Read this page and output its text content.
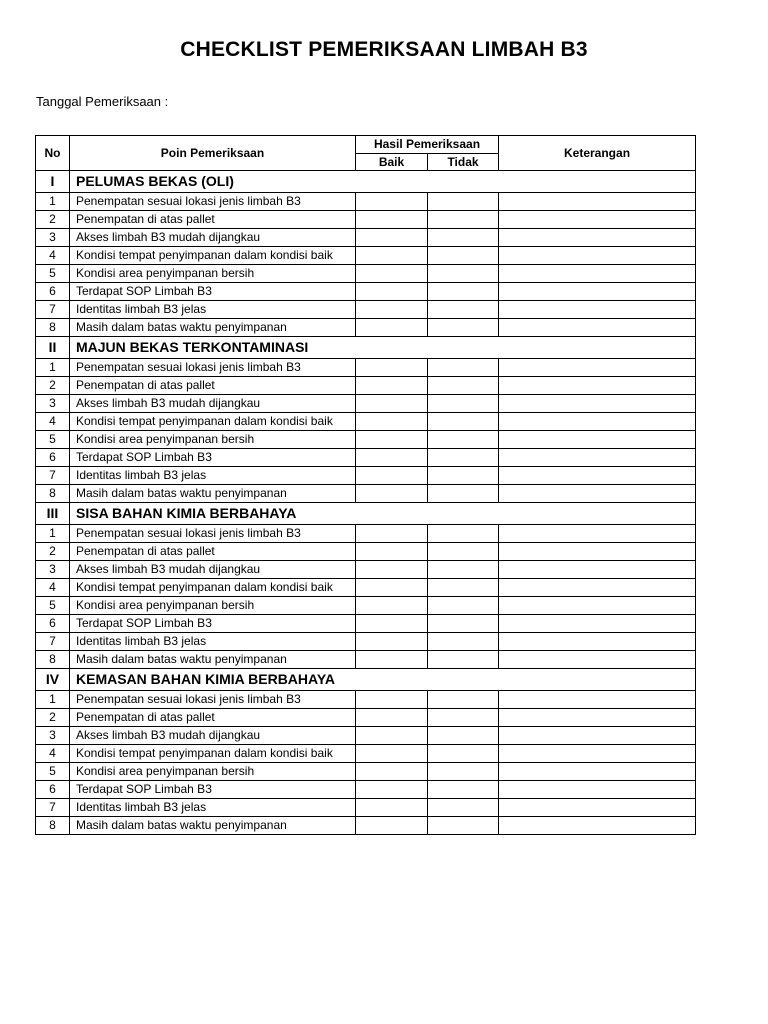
CHECKLIST PEMERIKSAAN LIMBAH B3
Tanggal Pemeriksaan :
No	Poin Pemeriksaan	Hasil Pemeriksaan		Keterangan
		Baik	Tidak	
I	PELUMAS BEKAS (OLI)			
1	Penempatan sesuai lokasi jenis limbah B3			
2	Penempatan di atas pallet			
3	Akses limbah B3 mudah dijangkau			
4	Kondisi tempat penyimpanan dalam kondisi baik			
5	Kondisi area penyimpanan bersih			
6	Terdapat SOP Limbah B3			
7	Identitas limbah B3 jelas			
8	Masih dalam batas waktu penyimpanan			
II	MAJUN BEKAS TERKONTAMINASI			
1	Penempatan sesuai lokasi jenis limbah B3			
2	Penempatan di atas pallet			
3	Akses limbah B3 mudah dijangkau			
4	Kondisi tempat penyimpanan dalam kondisi baik			
5	Kondisi area penyimpanan bersih			
6	Terdapat SOP Limbah B3			
7	Identitas limbah B3 jelas			
8	Masih dalam batas waktu penyimpanan			
III	SISA BAHAN KIMIA BERBAHAYA			
1	Penempatan sesuai lokasi jenis limbah B3			
2	Penempatan di atas pallet			
3	Akses limbah B3 mudah dijangkau			
4	Kondisi tempat penyimpanan dalam kondisi baik			
5	Kondisi area penyimpanan bersih			
6	Terdapat SOP Limbah B3			
7	Identitas limbah B3 jelas			
8	Masih dalam batas waktu penyimpanan			
IV	KEMASAN BAHAN KIMIA BERBAHAYA			
1	Penempatan sesuai lokasi jenis limbah B3			
2	Penempatan di atas pallet			
3	Akses limbah B3 mudah dijangkau			
4	Kondisi tempat penyimpanan dalam kondisi baik			
5	Kondisi area penyimpanan bersih			
6	Terdapat SOP Limbah B3			
7	Identitas limbah B3 jelas			
8	Masih dalam batas waktu penyimpanan			
